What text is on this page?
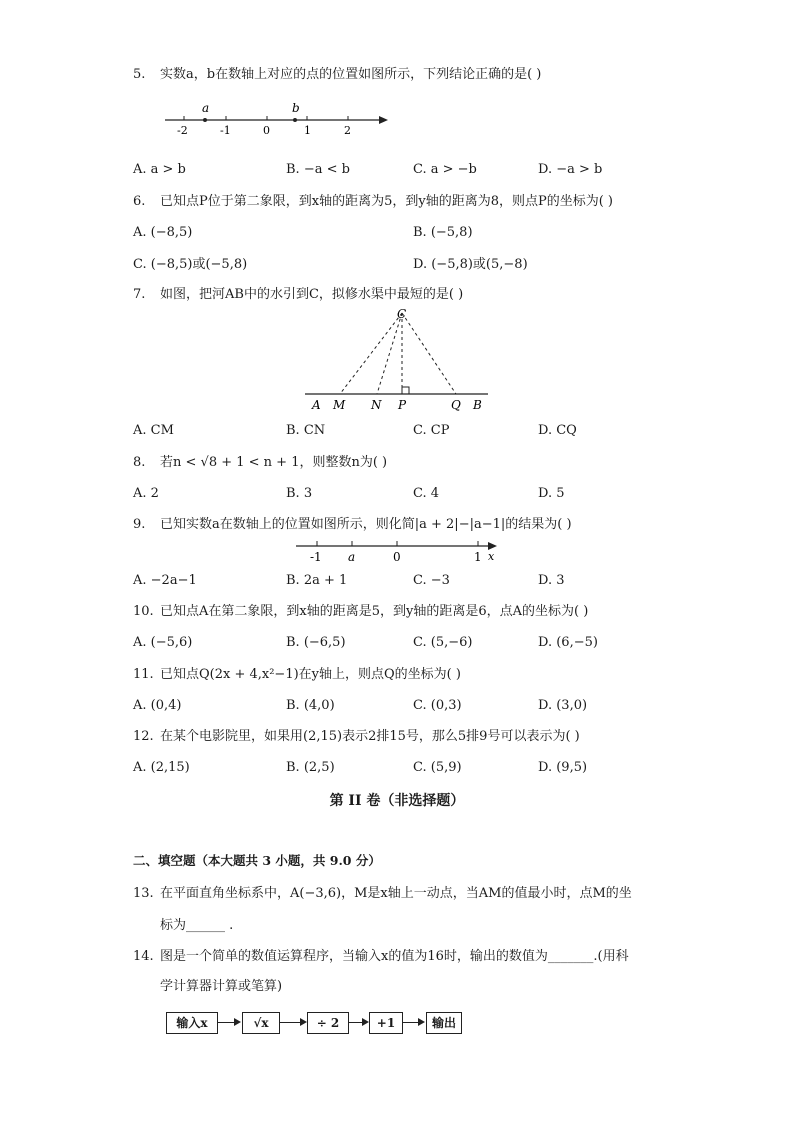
5. 实数a，b在数轴上对应的点的位置如图所示，下列结论正确的是( )
a	b
-2	-1	0	1	2
A. a > b	B. −a < b	C. a > −b	D. −a > b
6. 已知点P位于第二象限，到x轴的距离为5，到y轴的距离为8，则点P的坐标为( )
A. (−8,5)	B. (−5,8)
C. (−8,5)或(−5,8)	D. (−5,8)或(5,−8)
7. 如图，把河AB中的水引到C，拟修水渠中最短的是( )
C
A M N P	Q B
A. CM	B. CN	C. CP	D. CQ
8. 若n < √8 + 1 < n + 1，则整数n为( )
A. 2	B. 3	C. 4	D. 5
9. 已知实数a在数轴上的位置如图所示，则化简|a + 2|−|a−1|的结果为( )
-1 a	0	1 x
A. −2a−1	B. 2a + 1	C. −3	D. 3
10. 已知点A在第二象限，到x轴的距离是5，到y轴的距离是6，点A的坐标为( )
A. (−5,6)	B. (−6,5)	C. (5,−6)	D. (6,−5)
11. 已知点Q(2x + 4,x²−1)在y轴上，则点Q的坐标为( )
A. (0,4)	B. (4,0)	C. (0,3)	D. (3,0)
12. 在某个电影院里，如果用(2,15)表示2排15号，那么5排9号可以表示为( )
A. (2,15)	B. (2,5)	C. (5,9)	D. (9,5)
第 II 卷（非选择题）
二、填空题（本大题共 3 小题，共 9.0 分）
13. 在平面直角坐标系中，A(−3,6)，M是x轴上一动点，当AM的值最小时，点M的坐
标为______ .
14. 图是一个简单的数值运算程序，当输入x的值为16时，输出的数值为_______.(用科
学计算器计算或笔算)
输入x	√x	÷ 2	+1	输出
